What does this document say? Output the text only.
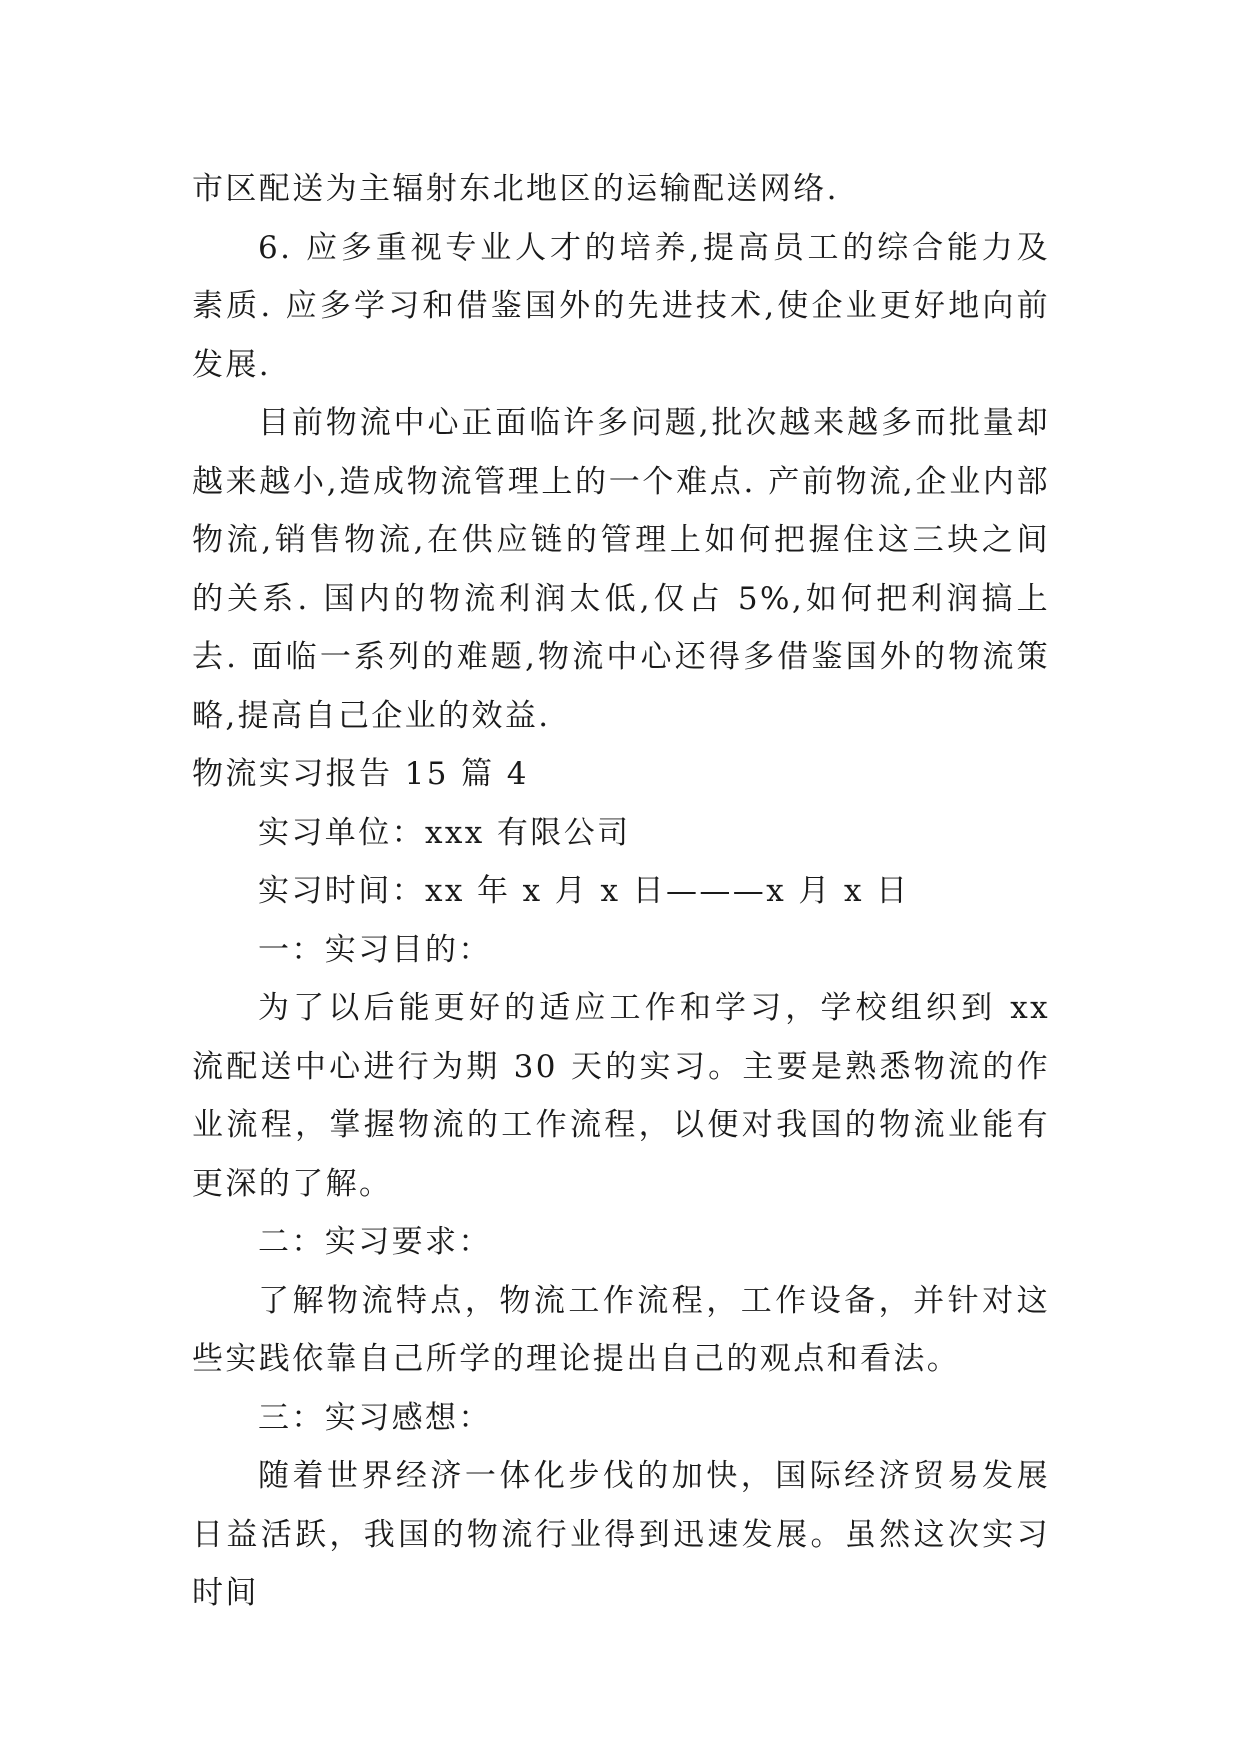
市区配送为主辐射东北地区的运输配送网络.

6. 应多重视专业人才的培养,提高员工的综合能力及素质. 应多学习和借鉴国外的先进技术,使企业更好地向前发展.

目前物流中心正面临许多问题,批次越来越多而批量却越来越小,造成物流管理上的一个难点. 产前物流,企业内部物流,销售物流,在供应链的管理上如何把握住这三块之间的关系. 国内的物流利润太低,仅占 5%,如何把利润搞上去. 面临一系列的难题,物流中心还得多借鉴国外的物流策略,提高自己企业的效益.

物流实习报告 15 篇 4

实习单位：xxx 有限公司

实习时间：xx 年 x 月 x 日———x 月 x 日

一：实习目的：

为了以后能更好的适应工作和学习，学校组织到 xx 流配送中心进行为期 30 天的实习。主要是熟悉物流的作业流程，掌握物流的工作流程，以便对我国的物流业能有更深的了解。

二：实习要求：

了解物流特点，物流工作流程，工作设备，并针对这些实践依靠自己所学的理论提出自己的观点和看法。

三：实习感想：

随着世界经济一体化步伐的加快，国际经济贸易发展日益活跃，我国的物流行业得到迅速发展。虽然这次实习时间
